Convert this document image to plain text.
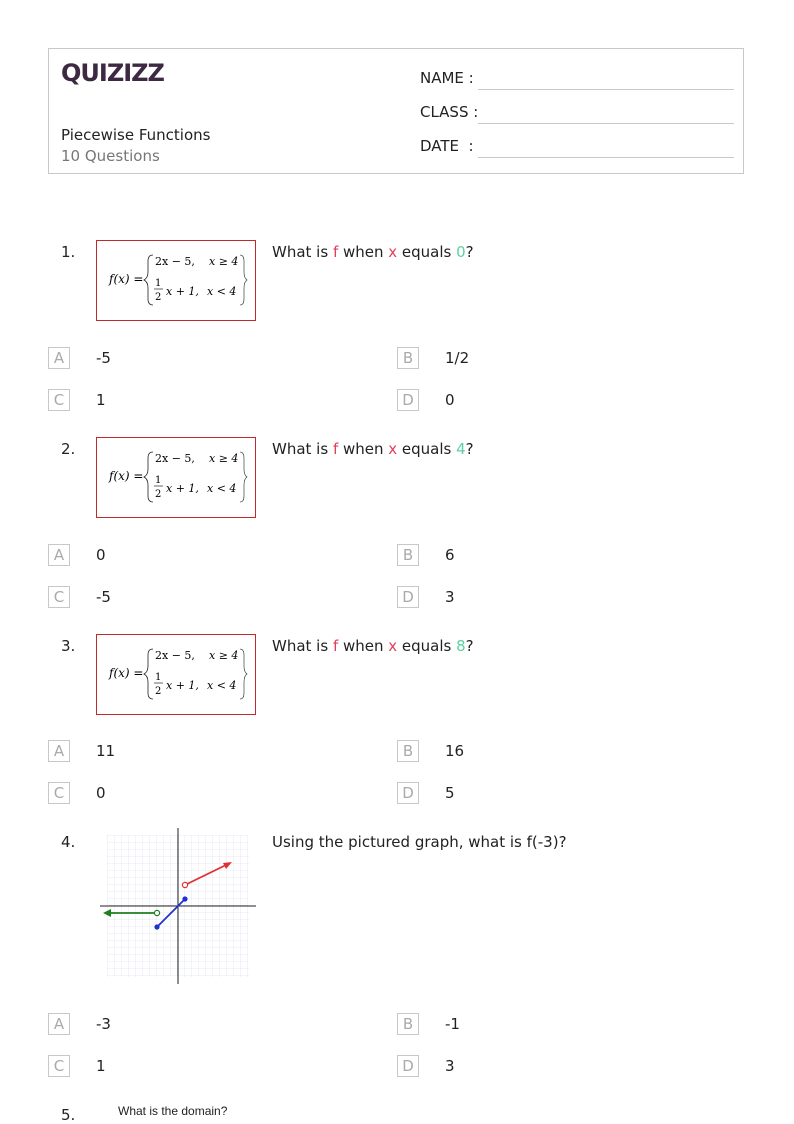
QUIZIZZ
Piecewise Functions
10 Questions
NAME :
CLASS :
DATE  :
1.
f(x) =
2x − 5, x ≥ 4
1
2 x + 1, x < 4
What is f when x equals 0?
A	-5	B	1/2
C	1	D	0
2.
f(x) =
2x − 5, x ≥ 4
1
2 x + 1, x < 4
What is f when x equals 4?
A	0	B	6
C	-5	D	3
3.
f(x) =
2x − 5, x ≥ 4
1
2 x + 1, x < 4
What is f when x equals 8?
A	11	B	16
C	0	D	5
4.	Using the pictured graph, what is f(-3)?
A	-3	B	-1
C	1	D	3
5.	What is the domain?
